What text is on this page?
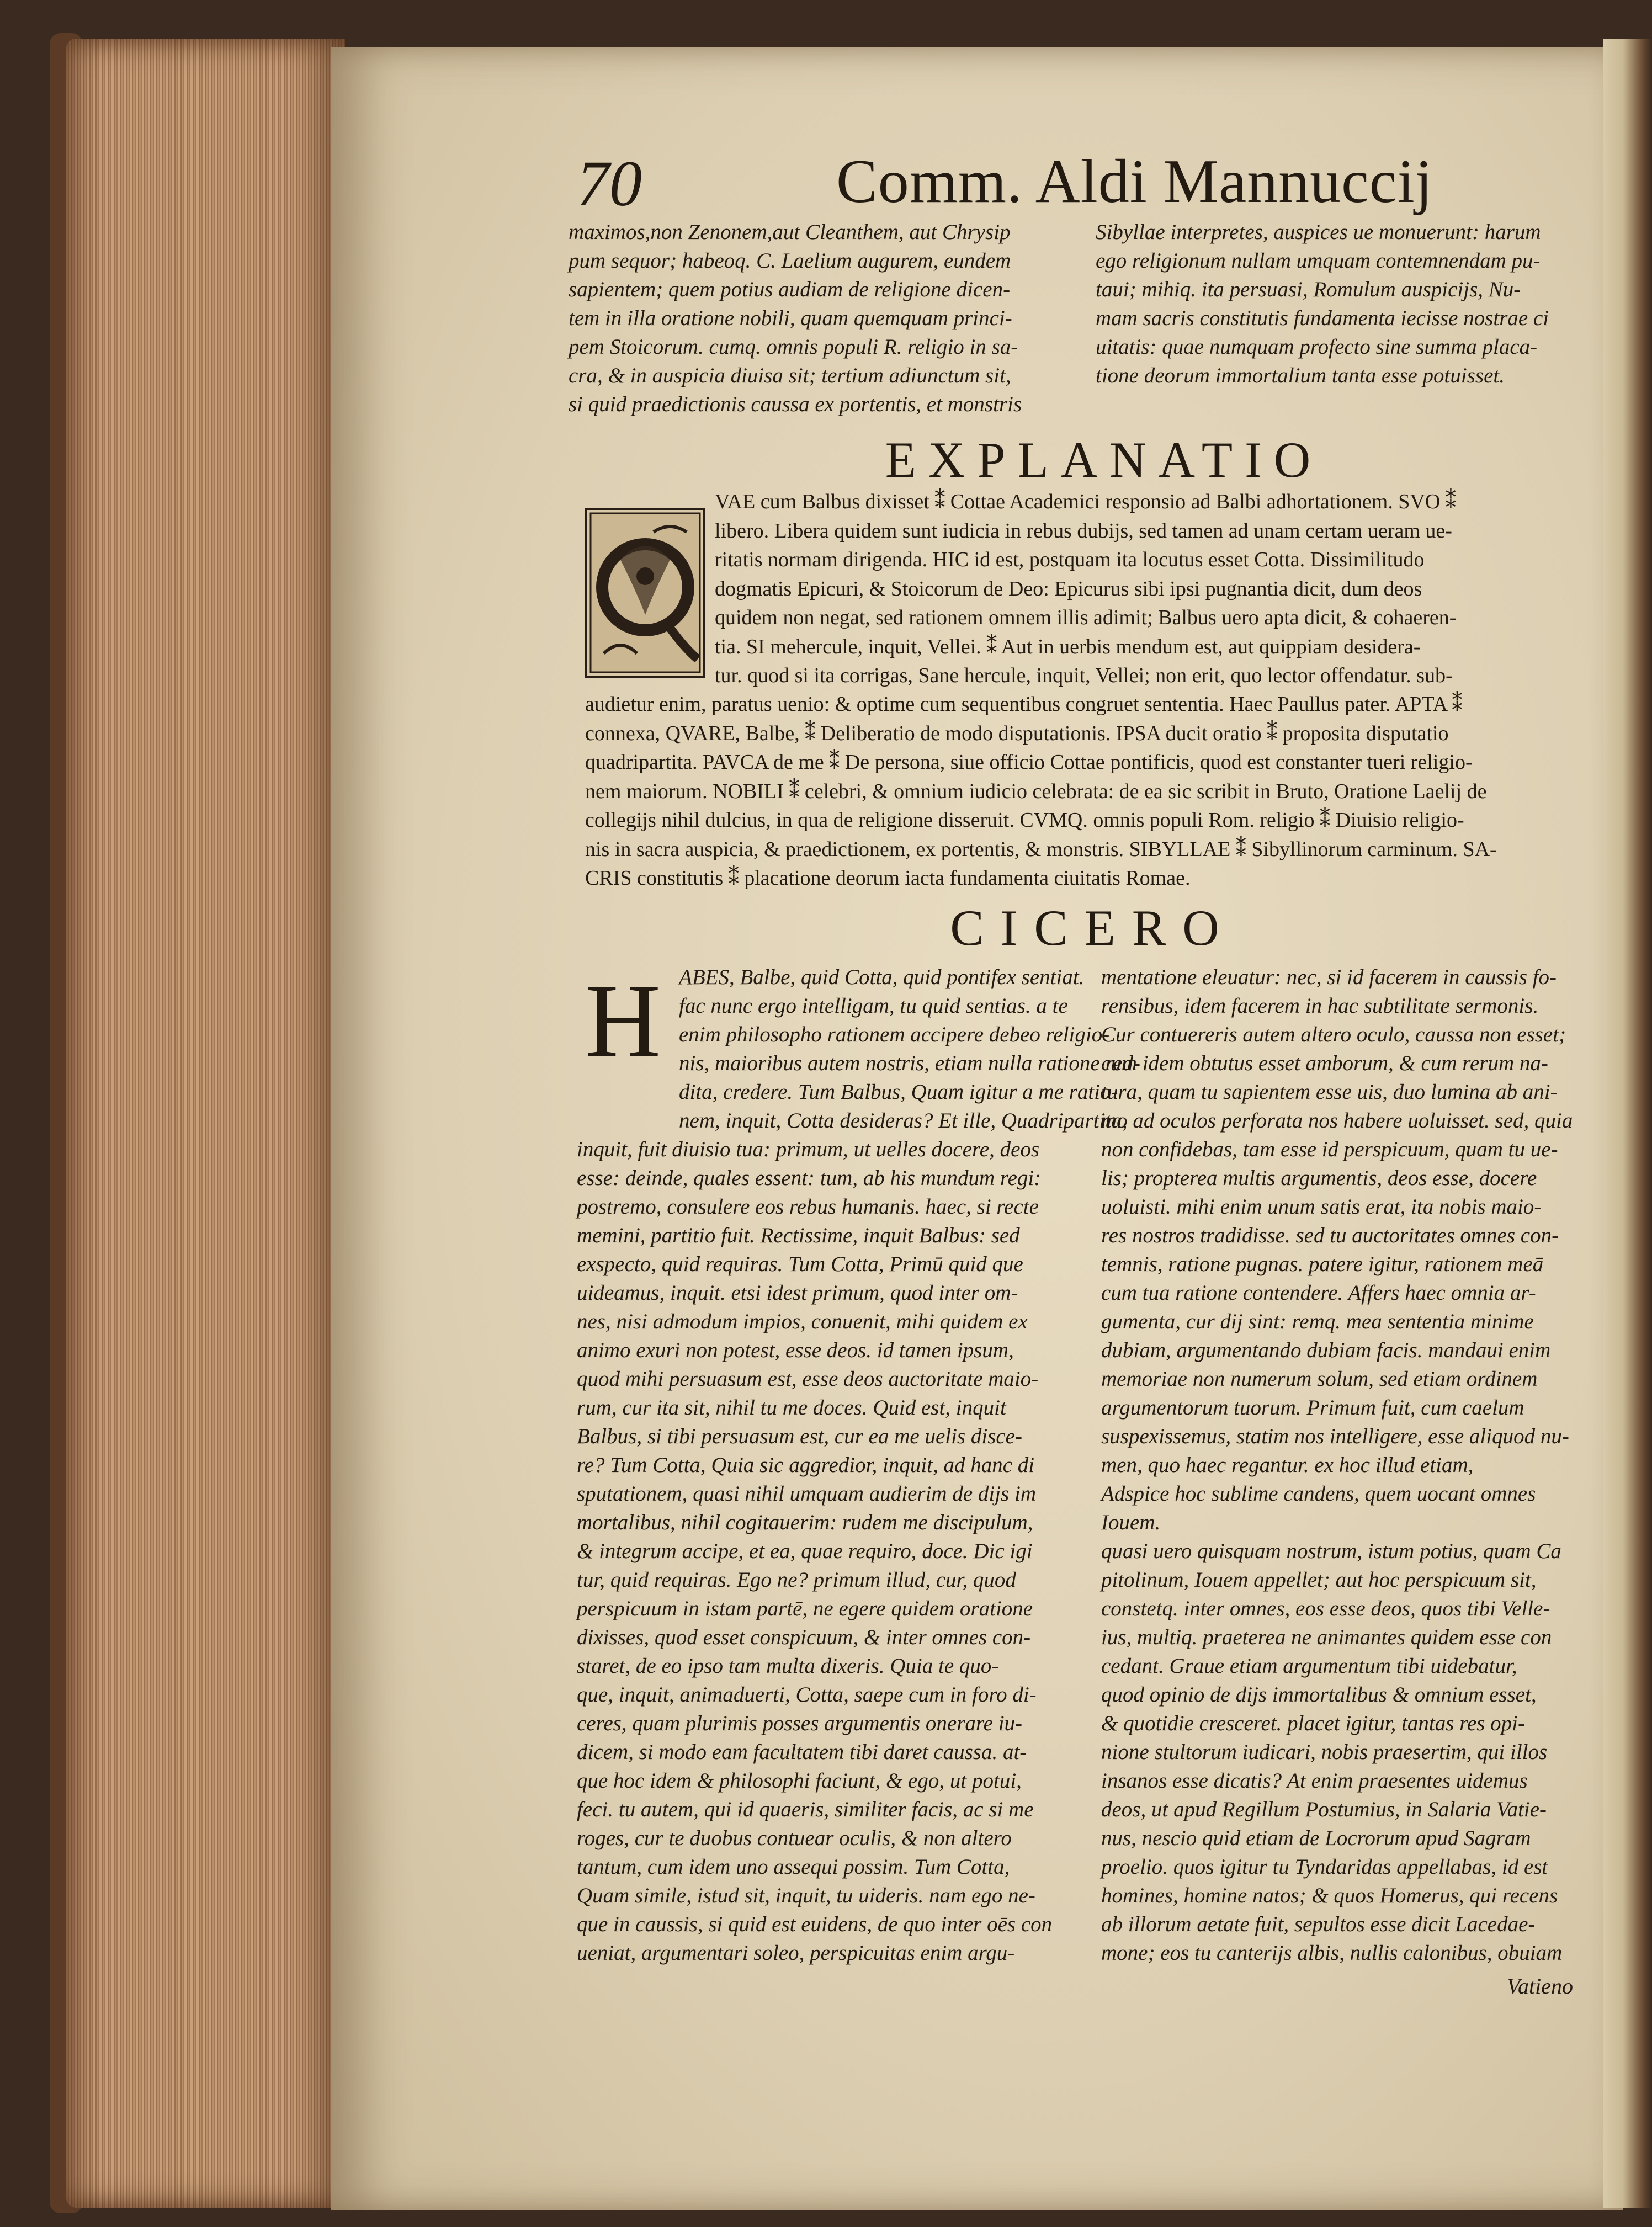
70	Comm. Aldi Mannuccij
maximos,non Zenonem,aut Cleanthem, aut Chrysip
pum sequor; habeoq. C. Laelium augurem, eundem
sapientem; quem potius audiam de religione dicen-
tem in illa oratione nobili, quam quemquam princi-
pem Stoicorum. cumq. omnis populi R. religio in sa-
cra, & in auspicia diuisa sit; tertium adiunctum sit,
si quid praedictionis caussa ex portentis, et monstris
Sibyllae interpretes, auspices ue monuerunt: harum
ego religionum nullam umquam contemnendam pu-
taui; mihiq. ita persuasi, Romulum auspicijs, Nu-
mam sacris constitutis fundamenta iecisse nostrae ci
uitatis: quae numquam profecto sine summa placa-
tione deorum immortalium tanta esse potuisset.
EXPLANATIO
VAE cum Balbus dixisset ⁑ Cottae Academici responsio ad Balbi adhortationem. SVO ⁑
libero. Libera quidem sunt iudicia in rebus dubijs, sed tamen ad unam certam ueram ue-
ritatis normam dirigenda. HIC id est, postquam ita locutus esset Cotta. Dissimilitudo
dogmatis Epicuri, & Stoicorum de Deo: Epicurus sibi ipsi pugnantia dicit, dum deos
quidem non negat, sed rationem omnem illis adimit; Balbus uero apta dicit, & cohaeren-
tia. SI mehercule, inquit, Vellei. ⁑ Aut in uerbis mendum est, aut quippiam desidera-
tur. quod si ita corrigas, Sane hercule, inquit, Vellei; non erit, quo lector offendatur. sub-
audietur enim, paratus uenio: & optime cum sequentibus congruet sententia. Haec Paullus pater. APTA ⁑
connexa, QVARE, Balbe, ⁑ Deliberatio de modo disputationis. IPSA ducit oratio ⁑ proposita disputatio
quadripartita. PAVCA de me ⁑ De persona, siue officio Cottae pontificis, quod est constanter tueri religio-
nem maiorum. NOBILI ⁑ celebri, & omnium iudicio celebrata: de ea sic scribit in Bruto, Oratione Laelij de
collegijs nihil dulcius, in qua de religione disseruit. CVMQ. omnis populi Rom. religio ⁑ Diuisio religio-
nis in sacra auspicia, & praedictionem, ex portentis, & monstris. SIBYLLAE ⁑ Sibyllinorum carminum. SA-
CRIS constitutis ⁑ placatione deorum iacta fundamenta ciuitatis Romae.
CICERO
H ABES, Balbe, quid Cotta, quid pontifex sentiat.
fac nunc ergo intelligam, tu quid sentias. a te
enim philosopho rationem accipere debeo religio-
nis, maioribus autem nostris, etiam nulla ratione red-
dita, credere. Tum Balbus, Quam igitur a me ratio-
nem, inquit, Cotta desideras? Et ille, Quadripartita,
inquit, fuit diuisio tua: primum, ut uelles docere, deos
esse: deinde, quales essent: tum, ab his mundum regi:
postremo, consulere eos rebus humanis. haec, si recte
memini, partitio fuit. Rectissime, inquit Balbus: sed
exspecto, quid requiras. Tum Cotta, Primū quid que
uideamus, inquit. etsi idest primum, quod inter om-
nes, nisi admodum impios, conuenit, mihi quidem ex
animo exuri non potest, esse deos. id tamen ipsum,
quod mihi persuasum est, esse deos auctoritate maio-
rum, cur ita sit, nihil tu me doces. Quid est, inquit
Balbus, si tibi persuasum est, cur ea me uelis disce-
re? Tum Cotta, Quia sic aggredior, inquit, ad hanc di
sputationem, quasi nihil umquam audierim de dijs im
mortalibus, nihil cogitauerim: rudem me discipulum,
& integrum accipe, et ea, quae requiro, doce. Dic igi
tur, quid requiras. Ego ne? primum illud, cur, quod
perspicuum in istam partē, ne egere quidem oratione
dixisses, quod esset conspicuum, & inter omnes con-
staret, de eo ipso tam multa dixeris. Quia te quo-
que, inquit, animaduerti, Cotta, saepe cum in foro di-
ceres, quam plurimis posses argumentis onerare iu-
dicem, si modo eam facultatem tibi daret caussa. at-
que hoc idem & philosophi faciunt, & ego, ut potui,
feci. tu autem, qui id quaeris, similiter facis, ac si me
roges, cur te duobus contuear oculis, & non altero
tantum, cum idem uno assequi possim. Tum Cotta,
Quam simile, istud sit, inquit, tu uideris. nam ego ne-
que in caussis, si quid est euidens, de quo inter oēs con
ueniat, argumentari soleo, perspicuitas enim argu-
mentatione eleuatur: nec, si id facerem in caussis fo-
rensibus, idem facerem in hac subtilitate sermonis.
Cur contuereris autem altero oculo, caussa non esset;
cum idem obtutus esset amborum, & cum rerum na-
tura, quam tu sapientem esse uis, duo lumina ab ani-
mo ad oculos perforata nos habere uoluisset. sed, quia
non confidebas, tam esse id perspicuum, quam tu ue-
lis; propterea multis argumentis, deos esse, docere
uoluisti. mihi enim unum satis erat, ita nobis maio-
res nostros tradidisse. sed tu auctoritates omnes con-
temnis, ratione pugnas. patere igitur, rationem meā
cum tua ratione contendere. Affers haec omnia ar-
gumenta, cur dij sint: remq. mea sententia minime
dubiam, argumentando dubiam facis. mandaui enim
memoriae non numerum solum, sed etiam ordinem
argumentorum tuorum. Primum fuit, cum caelum
suspexissemus, statim nos intelligere, esse aliquod nu-
men, quo haec regantur. ex hoc illud etiam,
Adspice hoc sublime candens, quem uocant omnes
Iouem.
quasi uero quisquam nostrum, istum potius, quam Ca
pitolinum, Iouem appellet; aut hoc perspicuum sit,
constetq. inter omnes, eos esse deos, quos tibi Velle-
ius, multiq. praeterea ne animantes quidem esse con
cedant. Graue etiam argumentum tibi uidebatur,
quod opinio de dijs immortalibus & omnium esset,
& quotidie cresceret. placet igitur, tantas res opi-
nione stultorum iudicari, nobis praesertim, qui illos
insanos esse dicatis? At enim praesentes uidemus
deos, ut apud Regillum Postumius, in Salaria Vatie-
nus, nescio quid etiam de Locrorum apud Sagram
proelio. quos igitur tu Tyndaridas appellabas, id est
homines, homine natos; & quos Homerus, qui recens
ab illorum aetate fuit, sepultos esse dicit Lacedae-
mone; eos tu canterijs albis, nullis calonibus, obuiam
Vatieno
